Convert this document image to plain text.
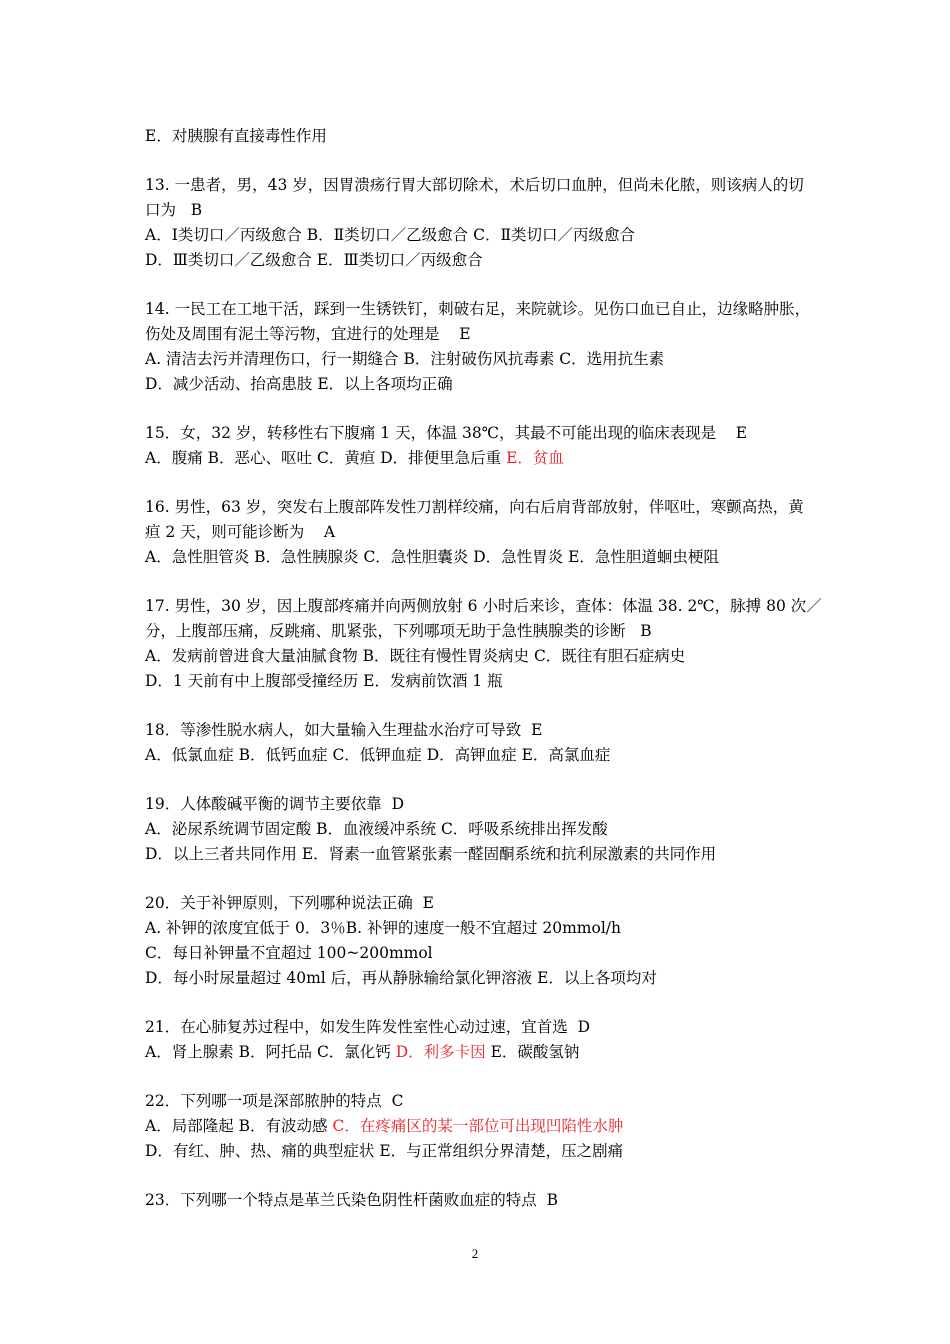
E．对胰腺有直接毒性作用
13. 一患者，男，43 岁，因胃溃疡行胃大部切除术，术后切口血肿，但尚未化脓，则该病人的切
口为   B
A．Ⅰ类切口／丙级愈合 B．Ⅱ类切口／乙级愈合 C．Ⅱ类切口／丙级愈合
D．Ⅲ类切口／乙级愈合 E．Ⅲ类切口／丙级愈合
14. 一民工在工地干活，踩到一生锈铁钉，刺破右足，来院就诊。见伤口血已自止，边缘略肿胀，
伤处及周围有泥土等污物，宜进行的处理是    E
A. 清洁去污并清理伤口，行一期缝合 B．注射破伤风抗毒素 C．选用抗生素
D．减少活动、抬高患肢 E．以上各项均正确
15．女，32 岁，转移性右下腹痛 1 天，体温 38℃，其最不可能出现的临床表现是    E
A．腹痛 B．恶心、呕吐 C．黄疸 D．排便里急后重 E．贫血
16. 男性，63 岁，突发右上腹部阵发性刀割样绞痛，向右后肩背部放射，伴呕吐，寒颤高热，黄
疸 2 天，则可能诊断为    A
A．急性胆管炎 B．急性胰腺炎 C．急性胆囊炎 D．急性胃炎 E．急性胆道蛔虫梗阻
17. 男性，30 岁，因上腹部疼痛并向两侧放射 6 小时后来诊，查体：体温 38. 2℃，脉搏 80 次／
分，上腹部压痛，反跳痛、肌紧张，下列哪项无助于急性胰腺类的诊断   B
A．发病前曾进食大量油腻食物 B．既往有慢性胃炎病史 C．既往有胆石症病史
D．1 天前有中上腹部受撞经历 E．发病前饮酒 1 瓶
18．等渗性脱水病人，如大量输入生理盐水治疗可导致  E
A．低氯血症 B．低钙血症 C．低钾血症 D．高钾血症 E．高氯血症
19．人体酸碱平衡的调节主要依靠  D
A．泌尿系统调节固定酸 B．血液缓冲系统 C．呼吸系统排出挥发酸
D．以上三者共同作用 E．肾素一血管紧张素一醛固酮系统和抗利尿激素的共同作用
20．关于补钾原则，下列哪种说法正确  E
A. 补钾的浓度宜低于 0．3％B. 补钾的速度一般不宜超过 20mmol/h
C．每日补钾量不宜超过 100~200mmol
D．每小时尿量超过 40ml 后，再从静脉输给氯化钾溶液 E．以上各项均对
21．在心肺复苏过程中，如发生阵发性室性心动过速，宜首选  D
A．肾上腺素 B．阿托品 C．氯化钙 D．利多卡因 E．碳酸氢钠
22．下列哪一项是深部脓肿的特点  C
A．局部隆起 B．有波动感 C．在疼痛区的某一部位可出现凹陷性水肿
D．有红、肿、热、痛的典型症状 E．与正常组织分界清楚，压之剧痛
23．下列哪一个特点是革兰氏染色阴性杆菌败血症的特点  B
2
